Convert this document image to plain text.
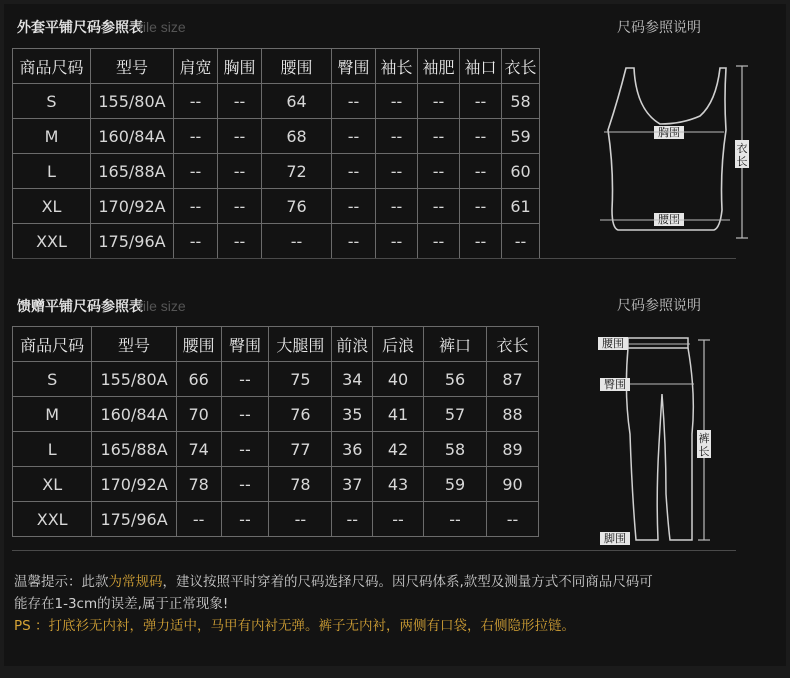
外套平铺尺码参照表file size
商品尺码	型号	肩宽	胸围	腰围	臀围	袖长	袖肥	袖口	衣长
S	155/80A	--	--	64	--	--	--	--	58
M	160/84A	--	--	68	--	--	--	--	59
L	165/88A	--	--	72	--	--	--	--	60
XL	170/92A	--	--	76	--	--	--	--	61
XXL	175/96A	--	--	--	--	--	--	--	--
尺码参照说明
胸围
腰围
衣
长
馈赠平铺尺码参照表file size
商品尺码	型号	腰围	臀围	大腿围	前浪	后浪	裤口	衣长
S	155/80A	66	--	75	34	40	56	87
M	160/84A	70	--	76	35	41	57	88
L	165/88A	74	--	77	36	42	58	89
XL	170/92A	78	--	78	37	43	59	90
XXL	175/96A	--	--	--	--	--	--	--
尺码参照说明
腰围
臀围
脚围
裤
长
温馨提示：此款为常规码，建议按照平时穿着的尺码选择尺码。因尺码体系,款型及测量方式不同商品尺码可
能存在1-3cm的误差,属于正常现象!
PS ：打底衫无内衬，弹力适中，马甲有内衬无弹。裤子无内衬，两侧有口袋，右侧隐形拉链。
